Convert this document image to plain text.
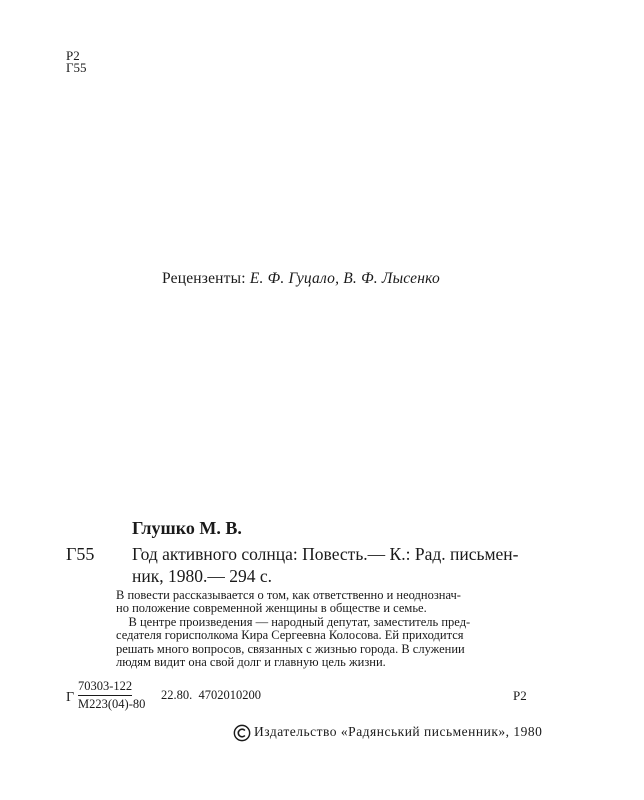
Р2
Г55
Рецензенты: Е. Ф. Гуцало, В. Ф. Лысенко
Глушко М. В.
Г55 Год активного солнца: Повесть.— К.: Рад. письмен-
ник, 1980.— 294 с.
В повести рассказывается о том, как ответственно и неоднознач-
но положение современной женщины в обществе и семье.
В центре произведения — народный депутат, заместитель пред-
седателя горисполкома Кира Сергеевна Колосова. Ей приходится
решать много вопросов, связанных с жизнью города. В служении
людям видит она свой долг и главную цель жизни.
Г
70303-122
М223(04)-80
22.80.  4702010200	Р2
Издательство «Радянський письменник», 1980
